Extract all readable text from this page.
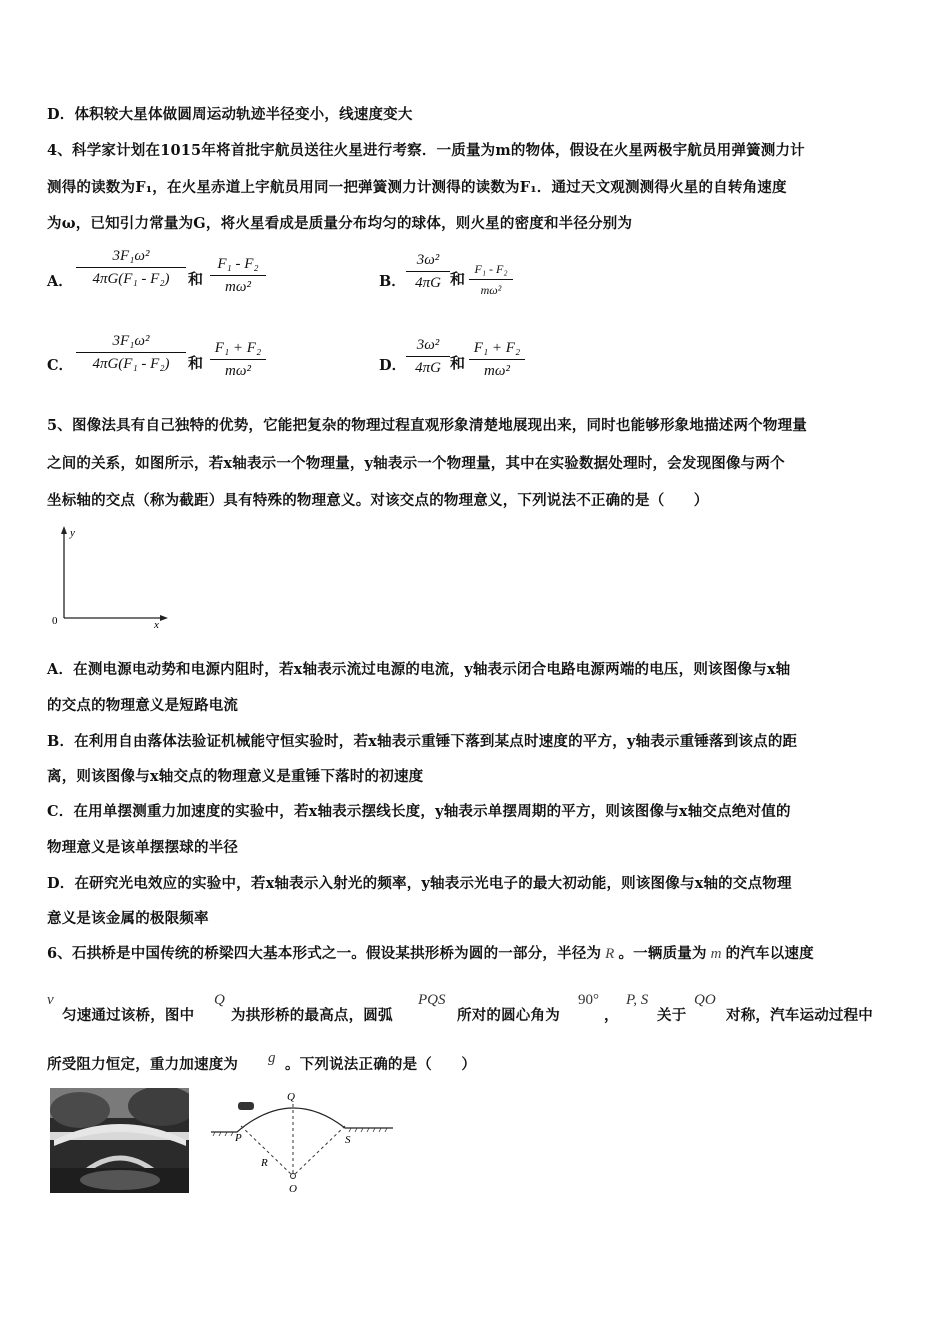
D．体积较大星体做圆周运动轨迹半径变小，线速度变大
4、科学家计划在1015年将首批宇航员送往火星进行考察．一质量为m的物体，假设在火星两极宇航员用弹簧测力计
测得的读数为F₁，在火星赤道上宇航员用同一把弹簧测力计测得的读数为F₁．通过天文观测测得火星的自转角速度
为ω，已知引力常量为G，将火星看成是质量分布均匀的球体，则火星的密度和半径分别为
A． $\frac{\text{3F₁ω²}}{\text{4πG(F₁ - F₂)}}$ 和 $\frac{\text{F₁ - F₂}}{\text{mω²}}$	B． $\frac{\text{3ω²}}{4\pi G}$ 和 $\frac{\text{F₁ - F₂}}{\text{mω²}}$
C． $\frac{\text{3F₁ω²}}{\text{4πG(F₁ - F₂)}}$ 和 $\frac{\text{F₁ + F₂}}{\text{mω²}}$	D． $\frac{\text{3ω²}}{4\pi G}$ 和 $\frac{\text{F₁ + F₂}}{\text{mω²}}$
5、图像法具有自己独特的优势，它能把复杂的物理过程直观形象清楚地展现出来，同时也能够形象地描述两个物理量
之间的关系，如图所示，若x轴表示一个物理量，y轴表示一个物理量，其中在实验数据处理时，会发现图像与两个
坐标轴的交点（称为截距）具有特殊的物理意义。对该交点的物理意义，下列说法不正确的是（　　）
y
x
0
A．在测电源电动势和电源内阻时，若x轴表示流过电源的电流，y轴表示闭合电路电源两端的电压，则该图像与x轴
的交点的物理意义是短路电流
B．在利用自由落体法验证机械能守恒实验时，若x轴表示重锤下落到某点时速度的平方，y轴表示重锤落到该点的距
离，则该图像与x轴交点的物理意义是重锤下落时的初速度
C．在用单摆测重力加速度的实验中，若x轴表示摆线长度，y轴表示单摆周期的平方，则该图像与x轴交点绝对值的
物理意义是该单摆摆球的半径
D．在研究光电效应的实验中，若x轴表示入射光的频率，y轴表示光电子的最大初动能，则该图像与x轴的交点物理
意义是该金属的极限频率
6、石拱桥是中国传统的桥梁四大基本形式之一。假设某拱形桥为圆的一部分，半径为 R 。一辆质量为 m 的汽车以速度
v
匀速通过该桥，图中
Q
为拱形桥的最高点，圆弧
PQS
所对的圆心角为
90°
，
P, S
关于
QO
对称，汽车运动过程中
所受阻力恒定，重力加速度为 g 。下列说法正确的是（　　）
Q
P	S
R
O
